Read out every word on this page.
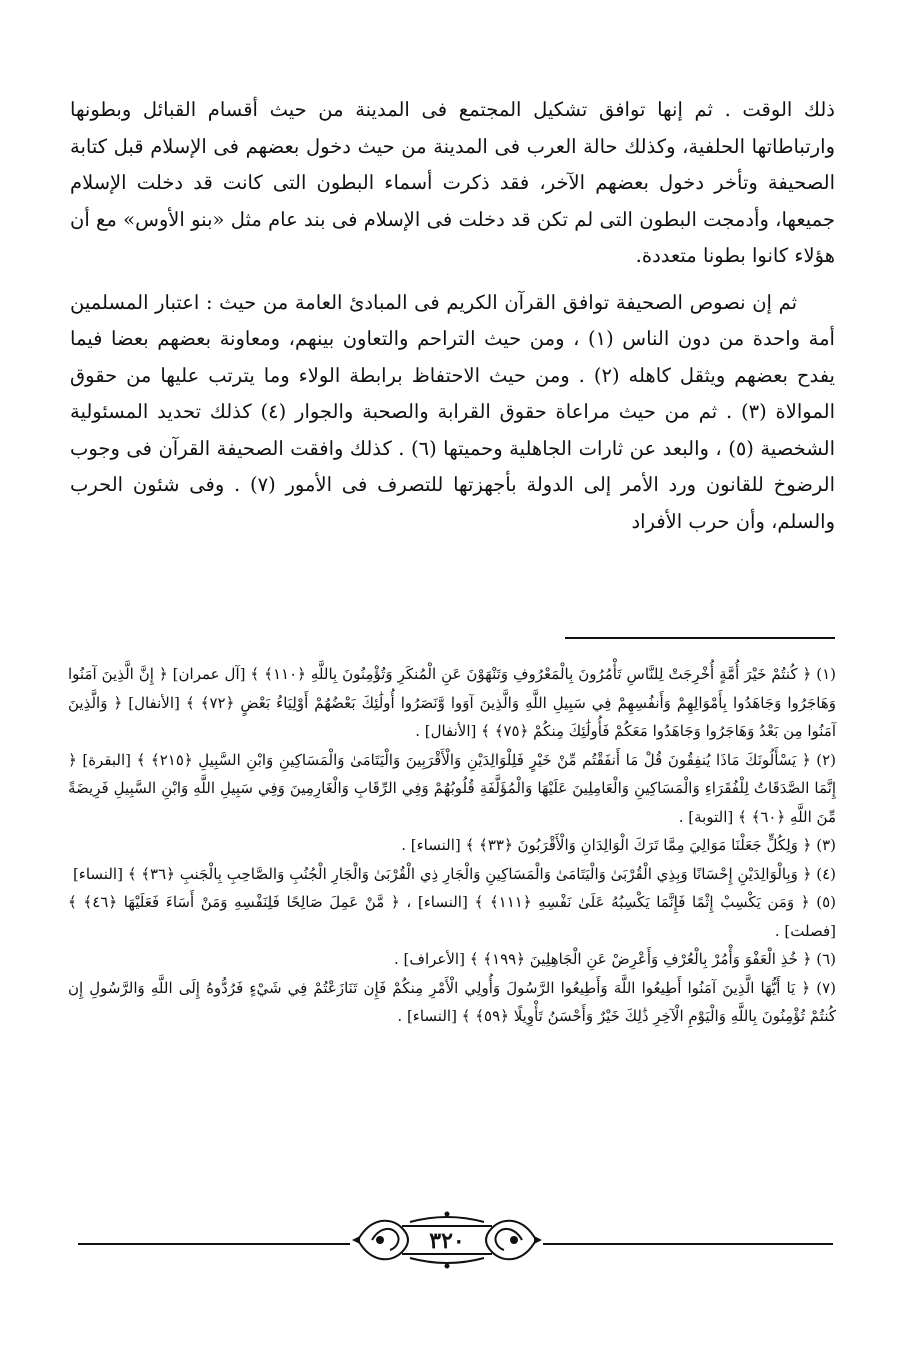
ذلك الوقت . ثم إنها توافق تشكيل المجتمع فى المدينة من حيث أقسام القبائل وبطونها وارتباطاتها الحلفية، وكذلك حالة العرب فى المدينة من حيث دخول بعضهم فى الإسلام قبل كتابة الصحيفة وتأخر دخول بعضهم الآخر، فقد ذكرت أسماء البطون التى كانت قد دخلت الإسلام جميعها، وأدمجت البطون التى لم تكن قد دخلت فى الإسلام فى بند عام مثل «بنو الأوس» مع أن هؤلاء كانوا بطونا متعددة.

ثم إن نصوص الصحيفة توافق القرآن الكريم فى المبادئ العامة من حيث : اعتبار المسلمين أمة واحدة من دون الناس (١) ، ومن حيث التراحم والتعاون بينهم، ومعاونة بعضهم بعضا فيما يفدح بعضهم ويثقل كاهله (٢) . ومن حيث الاحتفاظ برابطة الولاء وما يترتب عليها من حقوق الموالاة (٣) . ثم من حيث مراعاة حقوق القرابة والصحبة والجوار (٤) كذلك تحديد المسئولية الشخصية (٥) ، والبعد عن ثارات الجاهلية وحميتها (٦) . كذلك وافقت الصحيفة القرآن فى وجوب الرضوخ للقانون ورد الأمر إلى الدولة بأجهزتها للتصرف فى الأمور (٧) . وفى شئون الحرب والسلم، وأن حرب الأفراد

(١) ﴿ كُنتُمْ خَيْرَ أُمَّةٍ أُخْرِجَتْ لِلنَّاسِ تَأْمُرُونَ بِالْمَعْرُوفِ وَتَنْهَوْنَ عَنِ الْمُنكَرِ وَتُؤْمِنُونَ بِاللَّهِ ﴿١١٠﴾ ﴾ [آل عمران] ﴿ إِنَّ الَّذِينَ آمَنُوا وَهَاجَرُوا وَجَاهَدُوا بِأَمْوَالِهِمْ وَأَنفُسِهِمْ فِي سَبِيلِ اللَّهِ وَالَّذِينَ آوَوا وَّنَصَرُوا أُولَٰئِكَ بَعْضُهُمْ أَوْلِيَاءُ بَعْضٍ ﴿٧٢﴾ ﴾ [الأنفال] ﴿ وَالَّذِينَ آمَنُوا مِن بَعْدُ وَهَاجَرُوا وَجَاهَدُوا مَعَكُمْ فَأُولَٰئِكَ مِنكُمْ ﴿٧٥﴾ ﴾ [الأنفال] .

(٢) ﴿ يَسْأَلُونَكَ مَاذَا يُنفِقُونَ قُلْ مَا أَنفَقْتُم مِّنْ خَيْرٍ فَلِلْوَالِدَيْنِ وَالْأَقْرَبِينَ وَالْيَتَامَىٰ وَالْمَسَاكِينِ وَابْنِ السَّبِيلِ ﴿٢١٥﴾ ﴾ [البقرة] ﴿ إِنَّمَا الصَّدَقَاتُ لِلْفُقَرَاءِ وَالْمَسَاكِينِ وَالْعَامِلِينَ عَلَيْهَا وَالْمُؤَلَّفَةِ قُلُوبُهُمْ وَفِي الرِّقَابِ وَالْغَارِمِينَ وَفِي سَبِيلِ اللَّهِ وَابْنِ السَّبِيلِ فَرِيضَةً مِّنَ اللَّهِ ﴿٦٠﴾ ﴾ [التوبة] .

(٣) ﴿ وَلِكُلٍّ جَعَلْنَا مَوَالِيَ مِمَّا تَرَكَ الْوَالِدَانِ وَالْأَقْرَبُونَ ﴿٣٣﴾ ﴾ [النساء] .

(٤) ﴿ وَبِالْوَالِدَيْنِ إِحْسَانًا وَبِذِي الْقُرْبَىٰ وَالْيَتَامَىٰ وَالْمَسَاكِينِ وَالْجَارِ ذِي الْقُرْبَىٰ وَالْجَارِ الْجُنُبِ وَالصَّاحِبِ بِالْجَنبِ ﴿٣٦﴾ ﴾ [النساء]

(٥) ﴿ وَمَن يَكْسِبْ إِثْمًا فَإِنَّمَا يَكْسِبُهُ عَلَىٰ نَفْسِهِ ﴿١١١﴾ ﴾ [النساء] ، ﴿ مَّنْ عَمِلَ صَالِحًا فَلِنَفْسِهِ وَمَنْ أَسَاءَ فَعَلَيْهَا ﴿٤٦﴾ ﴾ [فصلت] .

(٦) ﴿ خُذِ الْعَفْوَ وَأْمُرْ بِالْعُرْفِ وَأَعْرِضْ عَنِ الْجَاهِلِينَ ﴿١٩٩﴾ ﴾ [الأعراف] .

(٧) ﴿ يَا أَيُّهَا الَّذِينَ آمَنُوا أَطِيعُوا اللَّهَ وَأَطِيعُوا الرَّسُولَ وَأُولِي الْأَمْرِ مِنكُمْ فَإِن تَنَازَعْتُمْ فِي شَيْءٍ فَرُدُّوهُ إِلَى اللَّهِ وَالرَّسُولِ إِن كُنتُمْ تُؤْمِنُونَ بِاللَّهِ وَالْيَوْمِ الْآخِرِ ذَٰلِكَ خَيْرٌ وَأَحْسَنُ تَأْوِيلًا ﴿٥٩﴾ ﴾ [النساء] .

٣٢٠
